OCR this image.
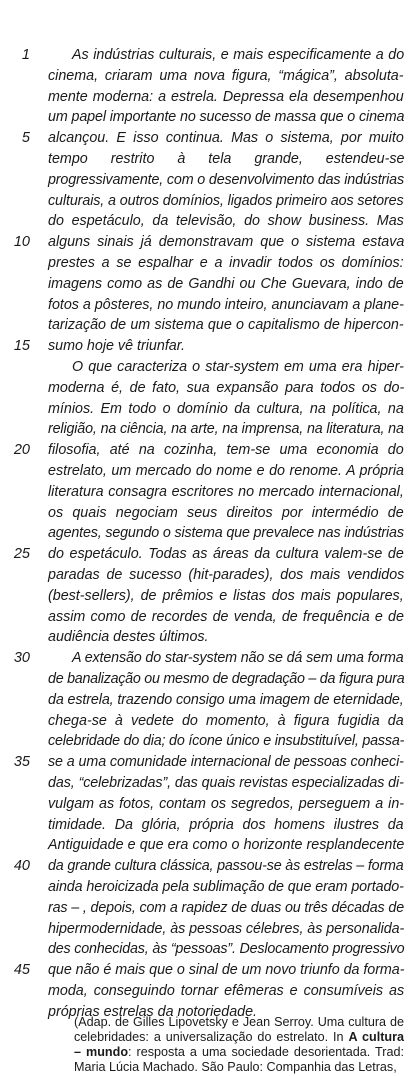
1	As indústrias culturais, e mais especificamente a do
cinema, criaram uma nova figura, “mágica”, absoluta-
mente moderna: a estrela. Depressa ela desempenhou
um papel importante no sucesso de massa que o cinema
5 alcançou. E isso continua. Mas o sistema, por muito
tempo restrito à tela grande, estendeu-se
progressivamente, com o desenvolvimento das indústrias
culturais, a outros domínios, ligados primeiro aos setores
do espetáculo, da televisão, do show business. Mas
10 alguns sinais já demonstravam que o sistema estava
prestes a se espalhar e a invadir todos os domínios:
imagens como as de Gandhi ou Che Guevara, indo de
fotos a pôsteres, no mundo inteiro, anunciavam a plane-
tarização de um sistema que o capitalismo de hipercon-
15 sumo hoje vê triunfar.
O que caracteriza o star-system em uma era hiper-
moderna é, de fato, sua expansão para todos os do-
mínios. Em todo o domínio da cultura, na política, na
religião, na ciência, na arte, na imprensa, na literatura, na
20 filosofia, até na cozinha, tem-se uma economia do
estrelato, um mercado do nome e do renome. A própria
literatura consagra escritores no mercado internacional,
os quais negociam seus direitos por intermédio de
agentes, segundo o sistema que prevalece nas indústrias
25 do espetáculo. Todas as áreas da cultura valem-se de
paradas de sucesso (hit-parades), dos mais vendidos
(best-sellers), de prêmios e listas dos mais populares,
assim como de recordes de venda, de frequência e de
audiência destes últimos.
30	A extensão do star-system não se dá sem uma forma
de banalização ou mesmo de degradação – da figura pura
da estrela, trazendo consigo uma imagem de eternidade,
chega-se à vedete do momento, à figura fugidia da
celebridade do dia; do ícone único e insubstituível, passa-
35 se a uma comunidade internacional de pessoas conheci-
das, “celebrizadas”, das quais revistas especializadas di-
vulgam as fotos, contam os segredos, perseguem a in-
timidade. Da glória, própria dos homens ilustres da
Antiguidade e que era como o horizonte resplandecente
40 da grande cultura clássica, passou-se às estrelas – forma
ainda heroicizada pela sublimação de que eram portado-
ras – , depois, com a rapidez de duas ou três décadas de
hipermodernidade, às pessoas célebres, às personalida-
des conhecidas, às “pessoas”. Deslocamento progressivo
45 que não é mais que o sinal de um novo triunfo da forma-
moda, conseguindo tornar efêmeras e consumíveis as
próprias estrelas da notoriedade.
(Adap. de Gilles Lipovetsky e Jean Serroy. Uma cultura de celebridades: a universalização do estrelato. In A cultura – mundo: resposta a uma sociedade desorientada. Trad: Maria Lúcia Machado. São Paulo: Companhia das Letras,
